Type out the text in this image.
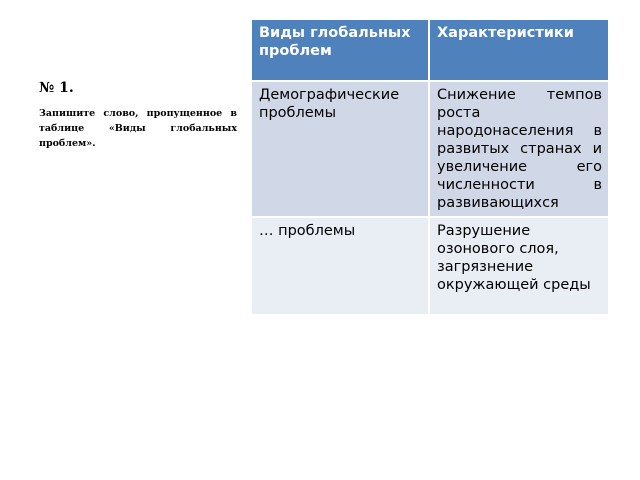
№ 1.
Запишите слово, пропущенное в таблице «Виды глобальных проблем».
Виды глобальных проблем	Характеристики
Демографические проблемы	Снижение темпов роста народонаселения в развитых странах и увеличение его численности в развивающихся
… проблемы	Разрушение озонового слоя, загрязнение окружающей среды
